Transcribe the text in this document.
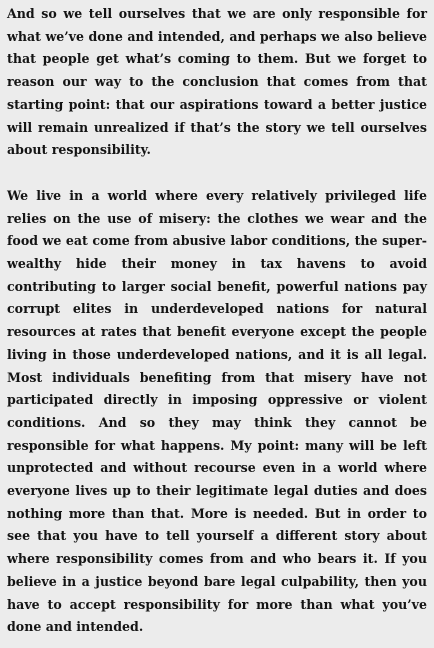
And so we tell ourselves that we are only responsible for what we’ve done and intended, and perhaps we also believe that people get what’s coming to them. But we forget to reason our way to the conclusion that comes from that starting point: that our aspirations toward a better justice will remain unrealized if that’s the story we tell ourselves about responsibility.

We live in a world where every relatively privileged life relies on the use of misery: the clothes we wear and the food we eat come from abusive labor conditions, the super-wealthy hide their money in tax havens to avoid contributing to larger social benefit, powerful nations pay corrupt elites in underdeveloped nations for natural resources at rates that benefit everyone except the people living in those underdeveloped nations, and it is all legal. Most individuals benefiting from that misery have not participated directly in imposing oppressive or violent conditions. And so they may think they cannot be responsible for what happens. My point: many will be left unprotected and without recourse even in a world where everyone lives up to their legitimate legal duties and does nothing more than that. More is needed. But in order to see that you have to tell yourself a different story about where responsibility comes from and who bears it. If you believe in a justice beyond bare legal culpability, then you have to accept responsibility for more than what you’ve done and intended.
